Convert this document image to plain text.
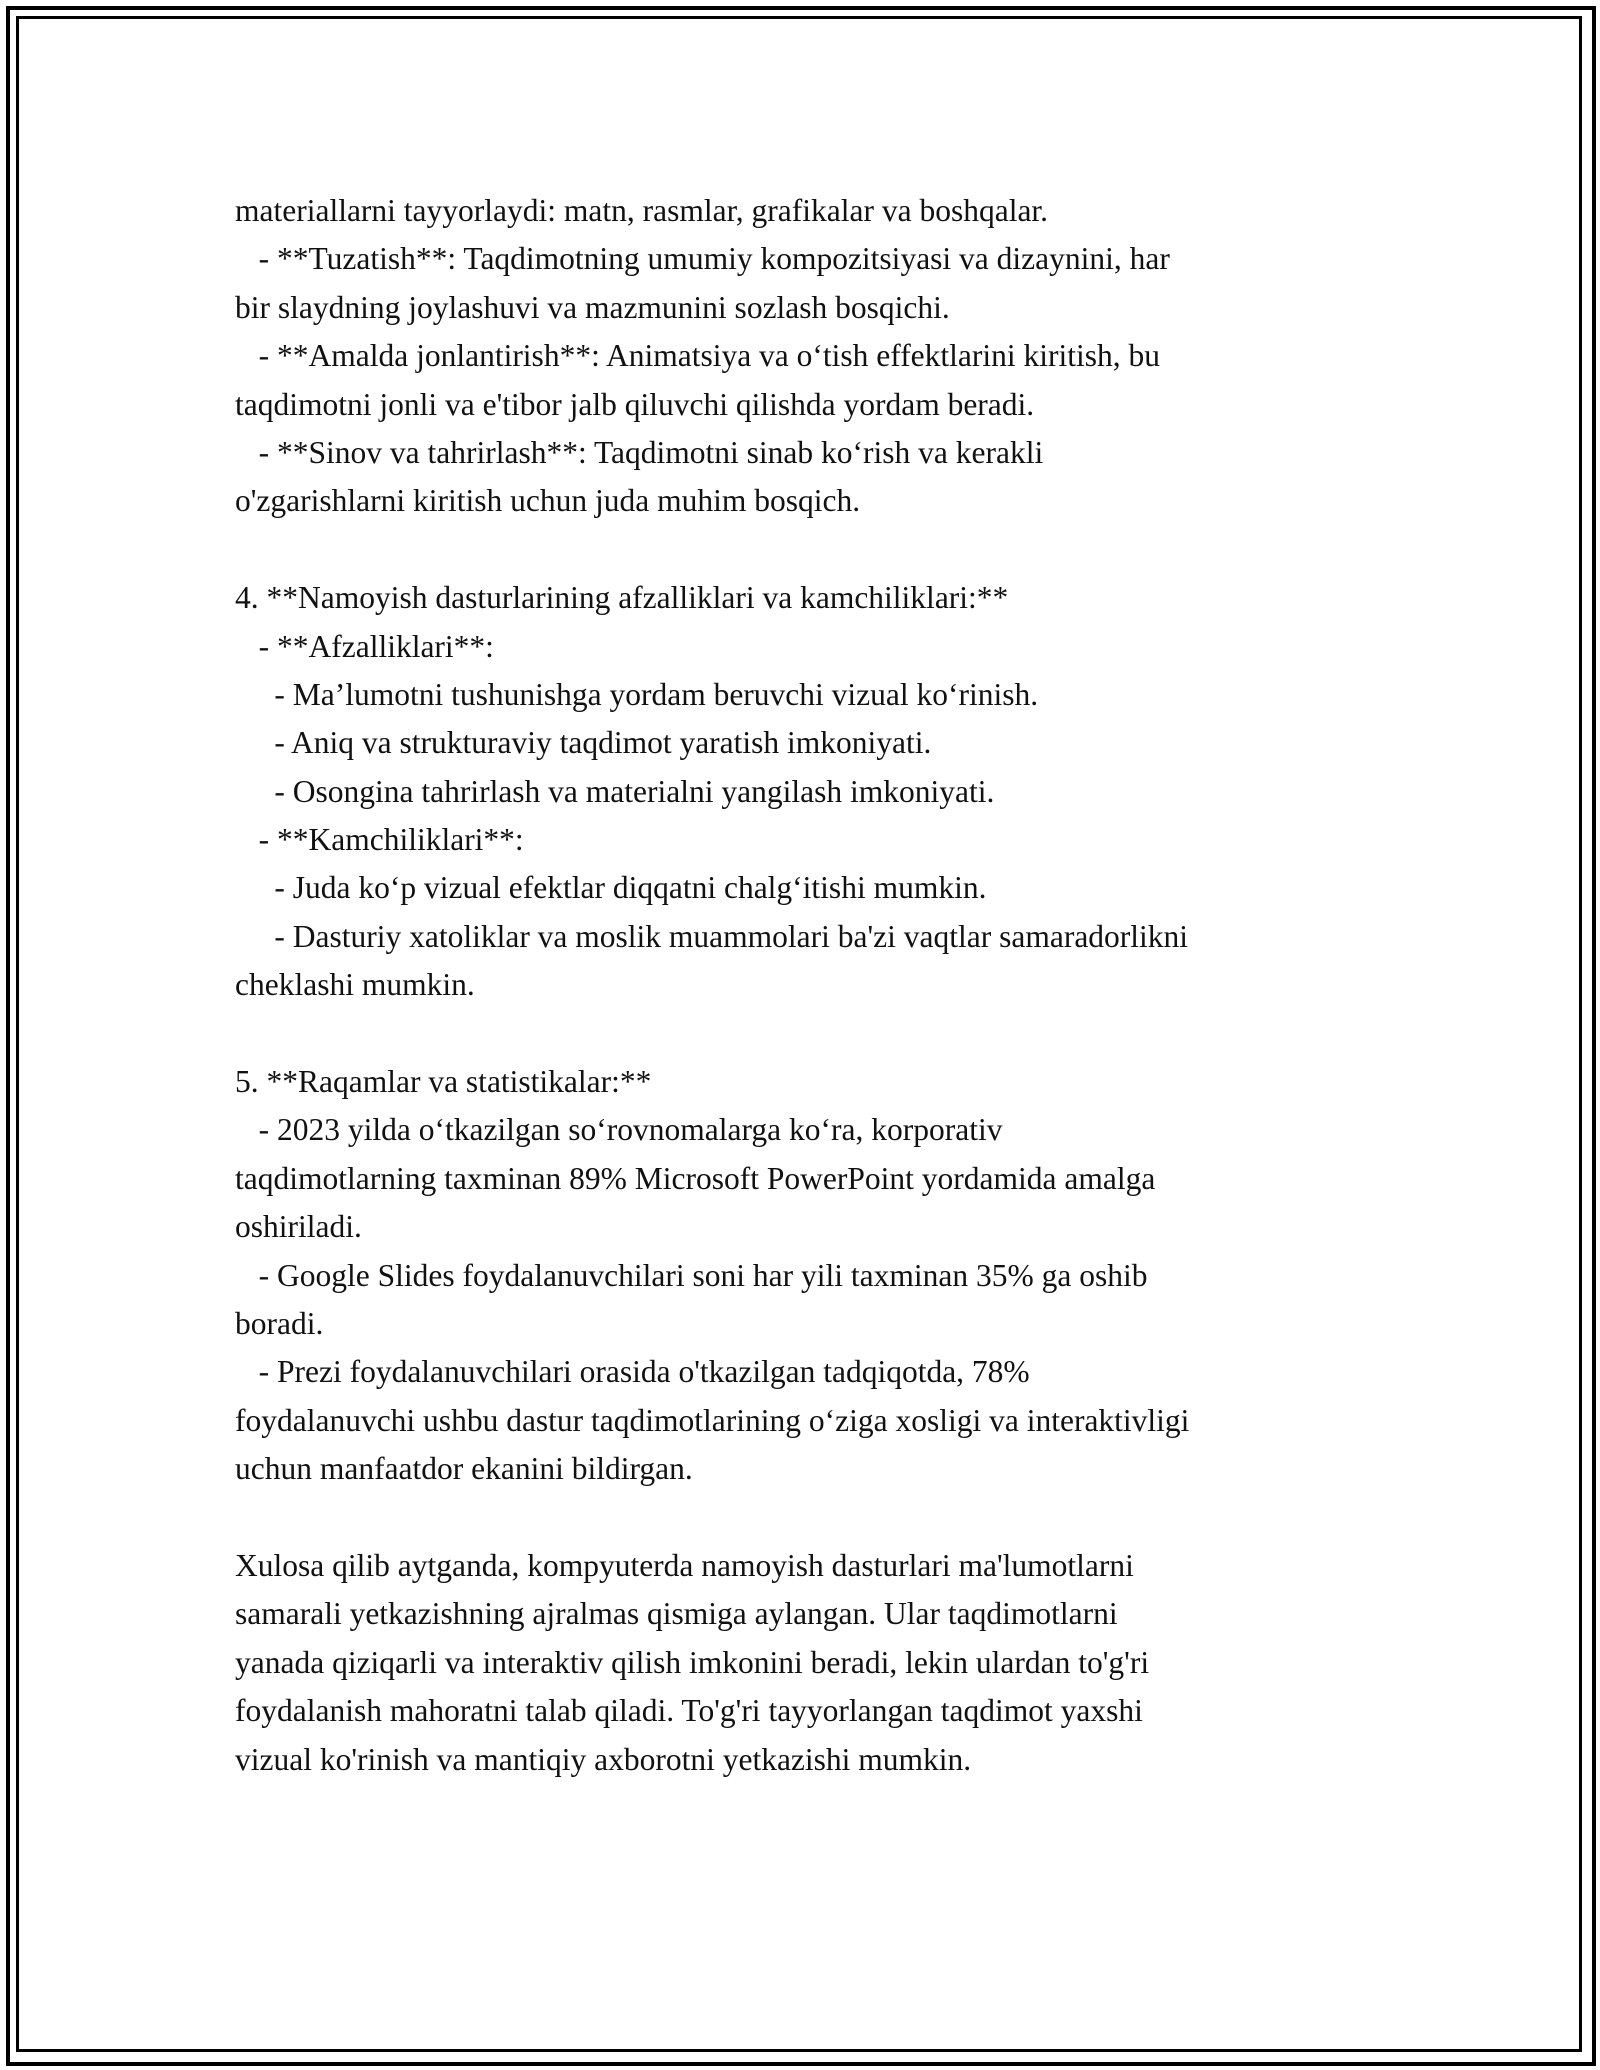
materiallarni tayyorlaydi: matn, rasmlar, grafikalar va boshqalar.
- **Tuzatish**: Taqdimotning umumiy kompozitsiyasi va dizaynini, har
bir slaydning joylashuvi va mazmunini sozlash bosqichi.
- **Amalda jonlantirish**: Animatsiya va o‘tish effektlarini kiritish, bu
taqdimotni jonli va e'tibor jalb qiluvchi qilishda yordam beradi.
- **Sinov va tahrirlash**: Taqdimotni sinab ko‘rish va kerakli
o'zgarishlarni kiritish uchun juda muhim bosqich.
4. **Namoyish dasturlarining afzalliklari va kamchiliklari:**
- **Afzalliklari**:
- Ma’lumotni tushunishga yordam beruvchi vizual ko‘rinish.
- Aniq va strukturaviy taqdimot yaratish imkoniyati.
- Osongina tahrirlash va materialni yangilash imkoniyati.
- **Kamchiliklari**:
- Juda ko‘p vizual efektlar diqqatni chalg‘itishi mumkin.
- Dasturiy xatoliklar va moslik muammolari ba'zi vaqtlar samaradorlikni
cheklashi mumkin.
5. **Raqamlar va statistikalar:**
- 2023 yilda o‘tkazilgan so‘rovnomalarga ko‘ra, korporativ
taqdimotlarning taxminan 89% Microsoft PowerPoint yordamida amalga
oshiriladi.
- Google Slides foydalanuvchilari soni har yili taxminan 35% ga oshib
boradi.
- Prezi foydalanuvchilari orasida o'tkazilgan tadqiqotda, 78%
foydalanuvchi ushbu dastur taqdimotlarining o‘ziga xosligi va interaktivligi
uchun manfaatdor ekanini bildirgan.
Xulosa qilib aytganda, kompyuterda namoyish dasturlari ma'lumotlarni
samarali yetkazishning ajralmas qismiga aylangan. Ular taqdimotlarni
yanada qiziqarli va interaktiv qilish imkonini beradi, lekin ulardan to'g'ri
foydalanish mahoratni talab qiladi. To'g'ri tayyorlangan taqdimot yaxshi
vizual ko'rinish va mantiqiy axborotni yetkazishi mumkin.
